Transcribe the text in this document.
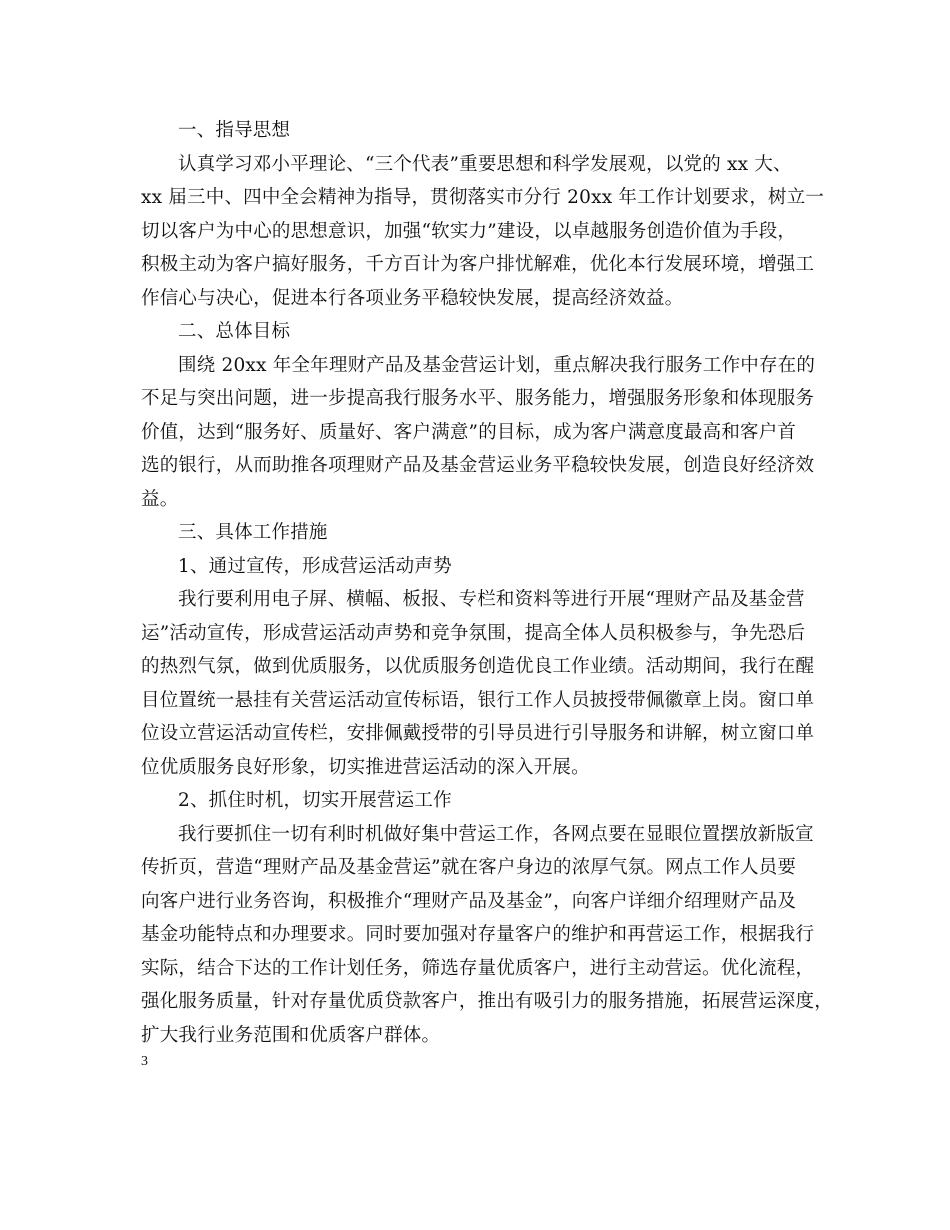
一、指导思想
认真学习邓小平理论、“三个代表”重要思想和科学发展观，以党的 xx 大、
xx 届三中、四中全会精神为指导，贯彻落实市分行 20xx 年工作计划要求，树立一
切以客户为中心的思想意识，加强“软实力”建设，以卓越服务创造价值为手段，
积极主动为客户搞好服务，千方百计为客户排忧解难，优化本行发展环境，增强工
作信心与决心，促进本行各项业务平稳较快发展，提高经济效益。
二、总体目标
围绕 20xx 年全年理财产品及基金营运计划，重点解决我行服务工作中存在的
不足与突出问题，进一步提高我行服务水平、服务能力，增强服务形象和体现服务
价值，达到“服务好、质量好、客户满意”的目标，成为客户满意度最高和客户首
选的银行，从而助推各项理财产品及基金营运业务平稳较快发展，创造良好经济效
益。
三、具体工作措施
1、通过宣传，形成营运活动声势
我行要利用电子屏、横幅、板报、专栏和资料等进行开展“理财产品及基金营
运”活动宣传，形成营运活动声势和竞争氛围，提高全体人员积极参与，争先恐后
的热烈气氛，做到优质服务，以优质服务创造优良工作业绩。活动期间，我行在醒
目位置统一悬挂有关营运活动宣传标语，银行工作人员披授带佩徽章上岗。窗口单
位设立营运活动宣传栏，安排佩戴授带的引导员进行引导服务和讲解，树立窗口单
位优质服务良好形象，切实推进营运活动的深入开展。
2、抓住时机，切实开展营运工作
我行要抓住一切有利时机做好集中营运工作，各网点要在显眼位置摆放新版宣
传折页，营造“理财产品及基金营运”就在客户身边的浓厚气氛。网点工作人员要
向客户进行业务咨询，积极推介“理财产品及基金”，向客户详细介绍理财产品及
基金功能特点和办理要求。同时要加强对存量客户的维护和再营运工作，根据我行
实际，结合下达的工作计划任务，筛选存量优质客户，进行主动营运。优化流程，
强化服务质量，针对存量优质贷款客户，推出有吸引力的服务措施，拓展营运深度，
扩大我行业务范围和优质客户群体。
3
